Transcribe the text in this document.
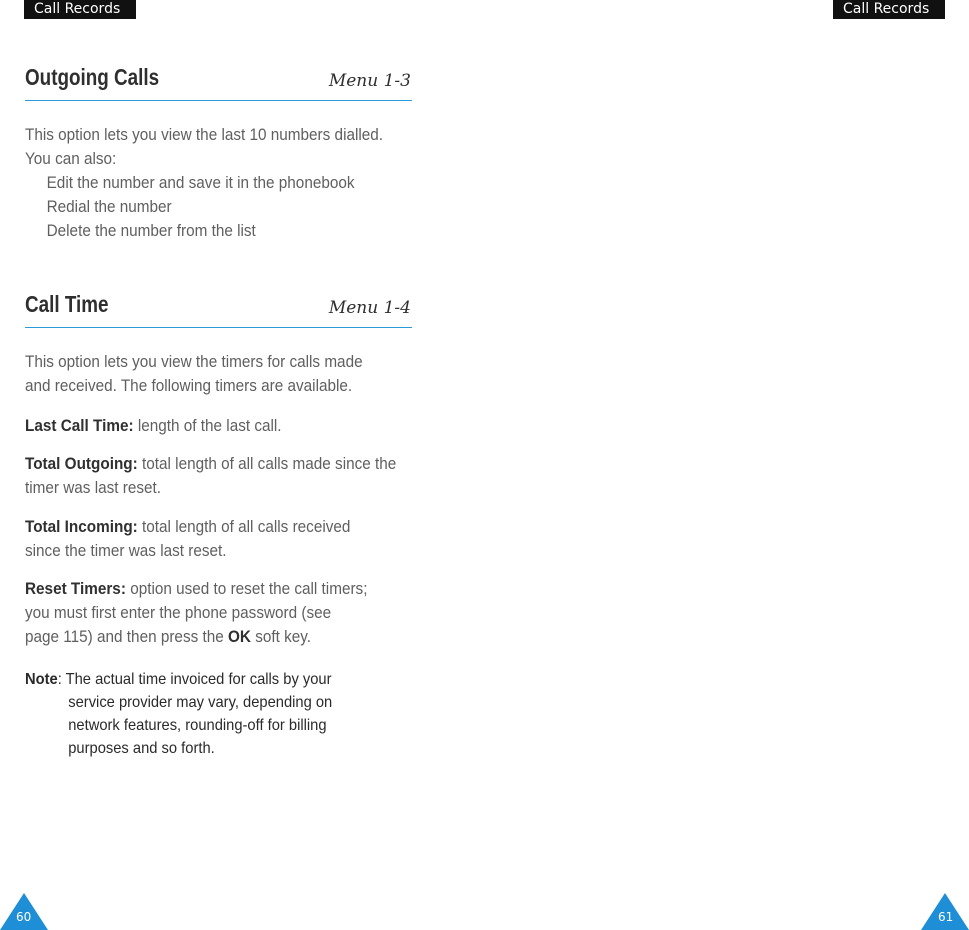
Call Records	Call Records
Outgoing Calls	Menu 1-3
This option lets you view the last 10 numbers dialled.
You can also:
Edit the number and save it in the phonebook
Redial the number
Delete the number from the list
Call Time	Menu 1-4
This option lets you view the timers for calls made
and received. The following timers are available.
Last Call Time: length of the last call.
Total Outgoing: total length of all calls made since the
timer was last reset.
Total Incoming: total length of all calls received
since the timer was last reset.
Reset Timers: option used to reset the call timers;
you must first enter the phone password (see
page 115) and then press the OK soft key.
Note: The actual time invoiced for calls by your
service provider may vary, depending on
network features, rounding-off for billing
purposes and so forth.
60	61
